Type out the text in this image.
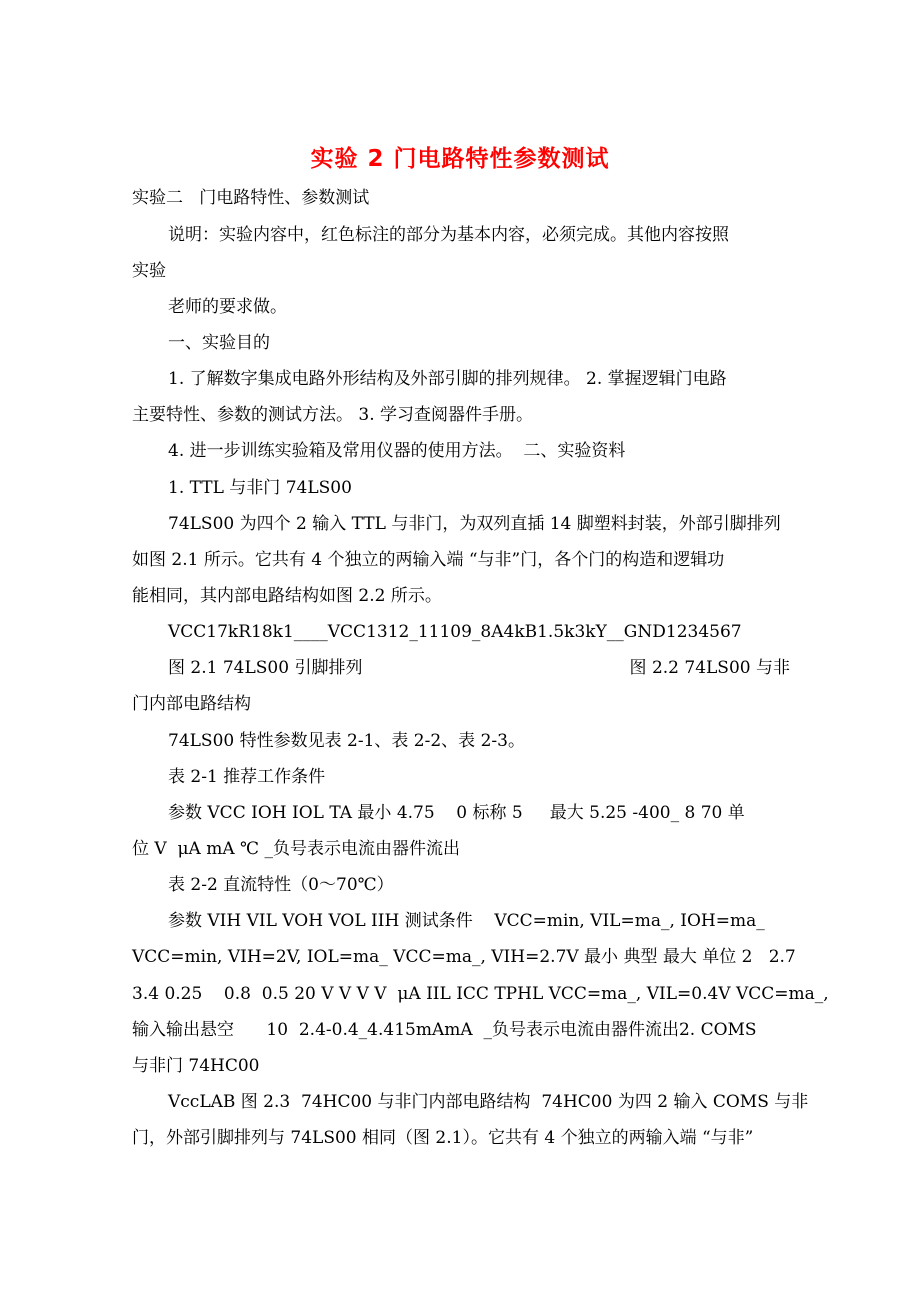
实验 2 门电路特性参数测试
实验二   门电路特性、参数测试
说明：实验内容中，红色标注的部分为基本内容，必须完成。其他内容按照
实验
老师的要求做。
一、实验目的
1. 了解数字集成电路外形结构及外部引脚的排列规律。 2. 掌握逻辑门电路
主要特性、参数的测试方法。 3. 学习查阅器件手册。
4. 进一步训练实验箱及常用仪器的使用方法。  二、实验资料
1. TTL 与非门 74LS00
74LS00 为四个 2 输入 TTL 与非门，为双列直插 14 脚塑料封装，外部引脚排列
如图 2.1 所示。它共有 4 个独立的两输入端 “与非”门，各个门的构造和逻辑功
能相同，其内部电路结构如图 2.2 所示。
VCC17kR18k1____VCC1312_11109_8A4kB1.5k3kY__GND1234567
图 2.1 74LS00 引脚排列	图 2.2 74LS00 与非
门内部电路结构
74LS00 特性参数见表 2-1、表 2-2、表 2-3。
表 2-1 推荐工作条件
参数 VCC IOH IOL TA 最小 4.75    0 标称 5     最大 5.25 -400_ 8 70 单
位 V  μA mA ℃ _负号表示电流由器件流出
表 2-2 直流特性（0～70℃）
参数 VIH VIL VOH VOL IIH 测试条件    VCC=min, VIL=ma_, IOH=ma_
VCC=min, VIH=2V, IOL=ma_ VCC=ma_, VIH=2.7V 最小 典型 最大 单位 2   2.7
3.4 0.25    0.8  0.5 20 V V V V  μA IIL ICC TPHL VCC=ma_, VIL=0.4V VCC=ma_,
输入输出悬空      10  2.4-0.4_4.415mAmA  _负号表示电流由器件流出2. COMS
与非门 74HC00
VccLAB 图 2.3  74HC00 与非门内部电路结构  74HC00 为四 2 输入 COMS 与非
门，外部引脚排列与 74LS00 相同（图 2.1）。它共有 4 个独立的两输入端 “与非”
